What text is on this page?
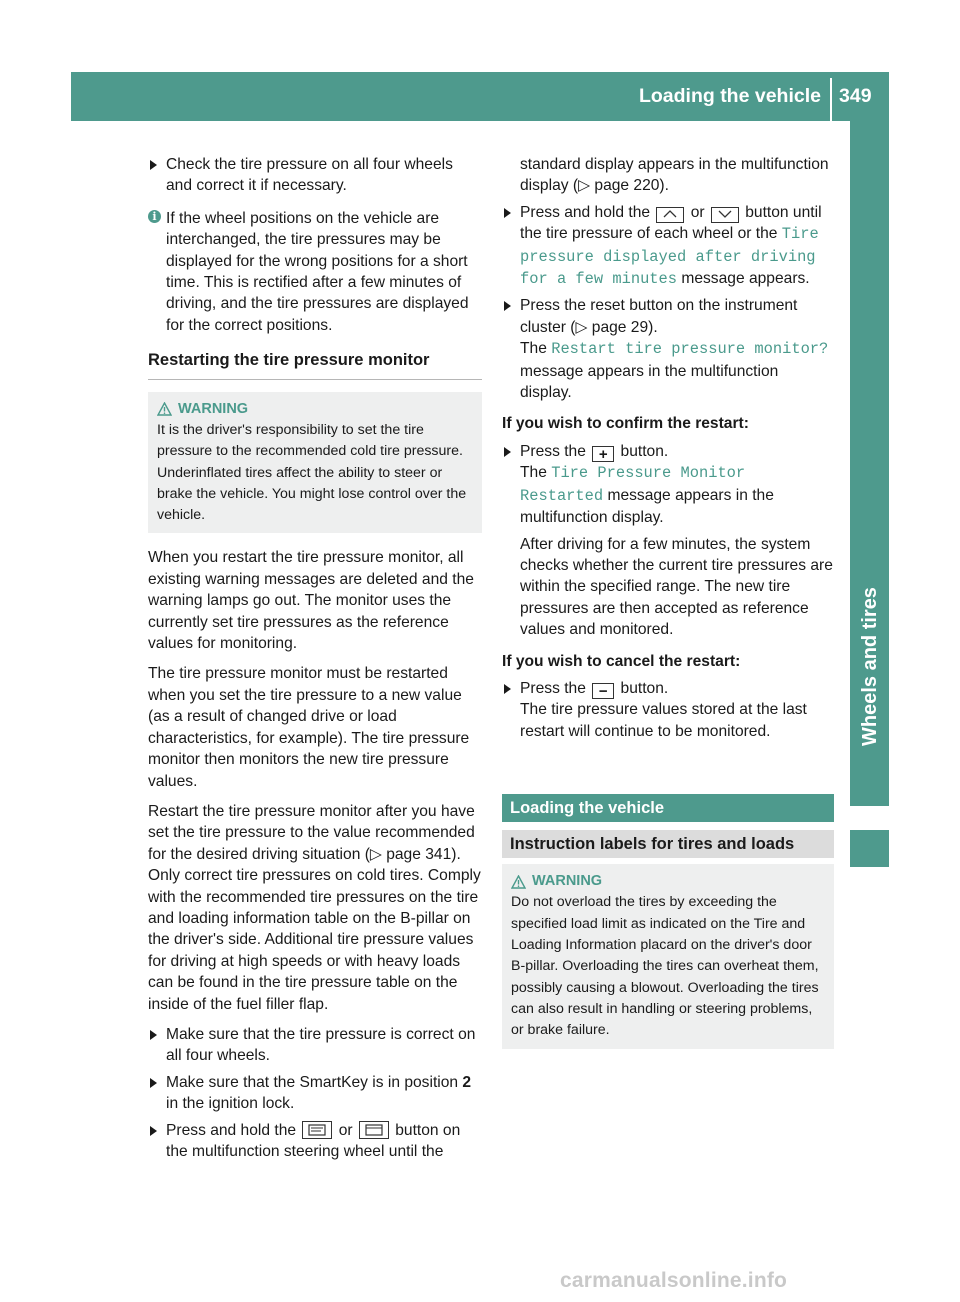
Loading the vehicle 349
Wheels and tires
Check the tire pressure on all four wheels and correct it if necessary.
i If the wheel positions on the vehicle are interchanged, the tire pressures may be displayed for the wrong positions for a short time. This is rectified after a few minutes of driving, and the tire pressures are displayed for the correct positions.
Restarting the tire pressure monitor
WARNING
It is the driver's responsibility to set the tire pressure to the recommended cold tire pressure. Underinflated tires affect the ability to steer or brake the vehicle. You might lose control over the vehicle.

When you restart the tire pressure monitor, all existing warning messages are deleted and the warning lamps go out. The monitor uses the currently set tire pressures as the reference values for monitoring.

The tire pressure monitor must be restarted when you set the tire pressure to a new value (as a result of changed drive or load characteristics, for example). The tire pressure monitor then monitors the new tire pressure values.

Restart the tire pressure monitor after you have set the tire pressure to the value recommended for the desired driving situation (▷ page 341). Only correct tire pressures on cold tires. Comply with the recommended tire pressures on the tire and loading information table on the B-pillar on the driver's side. Additional tire pressure values for driving at high speeds or with heavy loads can be found in the tire pressure table on the inside of the fuel filler flap.

Make sure that the tire pressure is correct on all four wheels.
Make sure that the SmartKey is in position 2 in the ignition lock.
Press and hold the
or
button on the multifunction steering wheel until the

standard display appears in the multifunction display (▷ page 220).

Press and hold the  or  button until the tire pressure of each wheel or the Tire pressure displayed after driving for a few minutes message appears.
Press the reset button on the instrument cluster (▷ page 29).
The Restart tire pressure monitor? message appears in the multifunction display.
If you wish to confirm the restart:
Press the + button.
The Tire Pressure Monitor Restarted message appears in the multifunction display.
After driving for a few minutes, the system checks whether the current tire pressures are within the specified range. The new tire pressures are then accepted as reference values and monitored.
If you wish to cancel the restart:
Press the − button.
The tire pressure values stored at the last restart will continue to be monitored.
Loading the vehicle
Instruction labels for tires and loads
WARNING
Do not overload the tires by exceeding the specified load limit as indicated on the Tire and Loading Information placard on the driver's door B-pillar. Overloading the tires can overheat them, possibly causing a blowout. Overloading the tires can also result in handling or steering problems, or brake failure.
carmanualsonline.info
